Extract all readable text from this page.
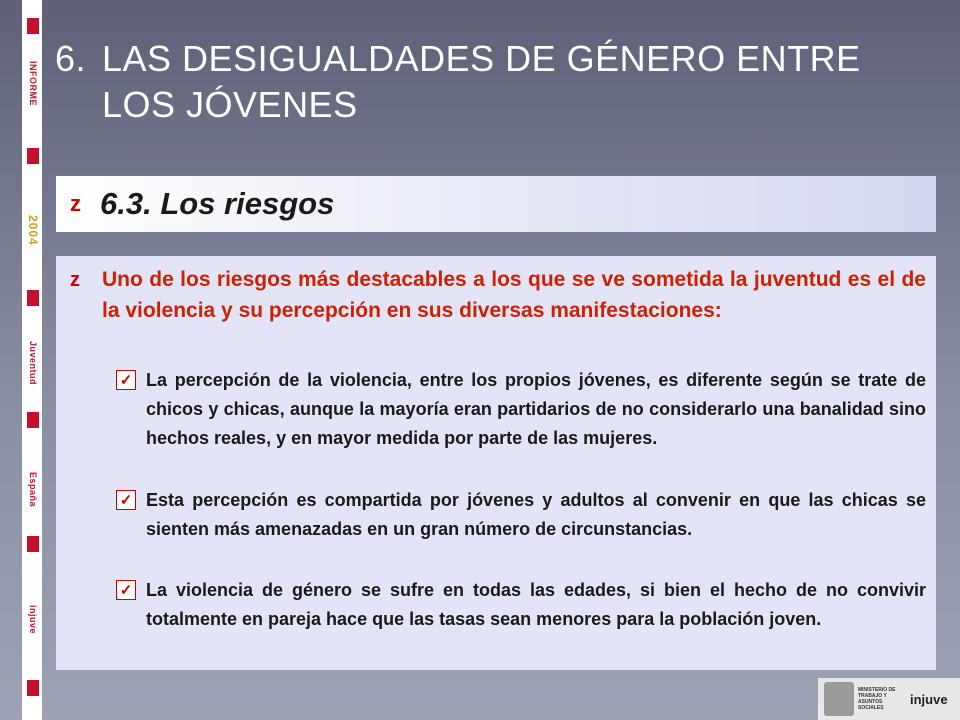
INFORME
2004
Juventud
España
injuve
6. LAS DESIGUALDADES DE GÉNERO ENTRE LOS JÓVENES
z 6.3. Los riesgos
z	Uno de los riesgos más destacables a los que se ve sometida la juventud es el de la violencia y su percepción en sus diversas manifestaciones:
✓ La percepción de la violencia, entre los propios jóvenes, es diferente según se trate de chicos y chicas, aunque la mayoría eran partidarios de no considerarlo una banalidad sino hechos reales, y en mayor medida por parte de las mujeres.
✓ Esta percepción es compartida por jóvenes y adultos al convenir en que las chicas se sienten más amenazadas en un gran número de circunstancias.
✓ La violencia de género se sufre en todas las edades, si bien el hecho de no convivir totalmente en pareja hace que las tasas sean menores para la población joven.
MINISTERIO DE TRABAJO Y ASUNTOS SOCIALES
injuve
